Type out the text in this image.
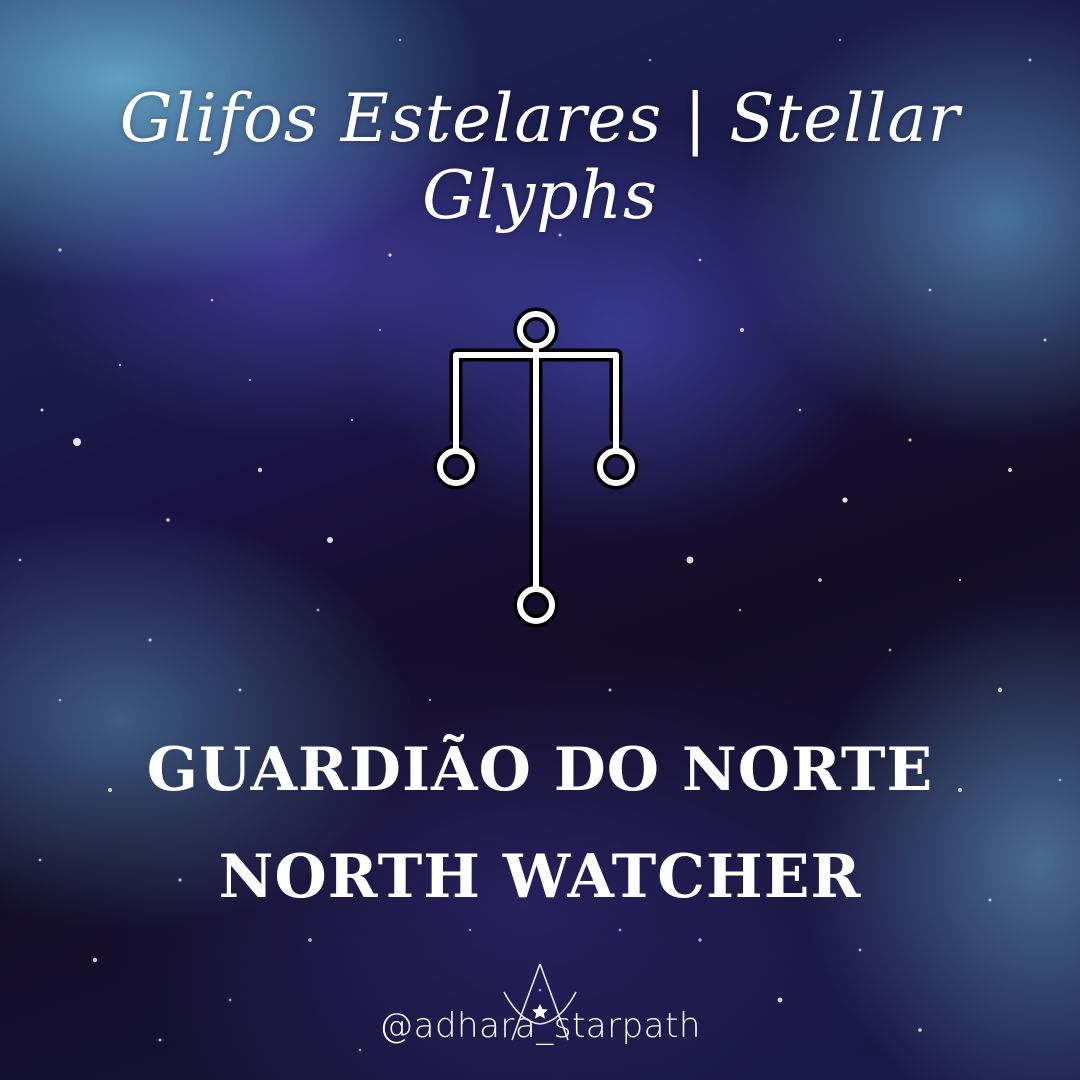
Glifos Estelares | Stellar Glyphs
GUARDIÃO DO NORTE
NORTH WATCHER
@adhara_starpath
